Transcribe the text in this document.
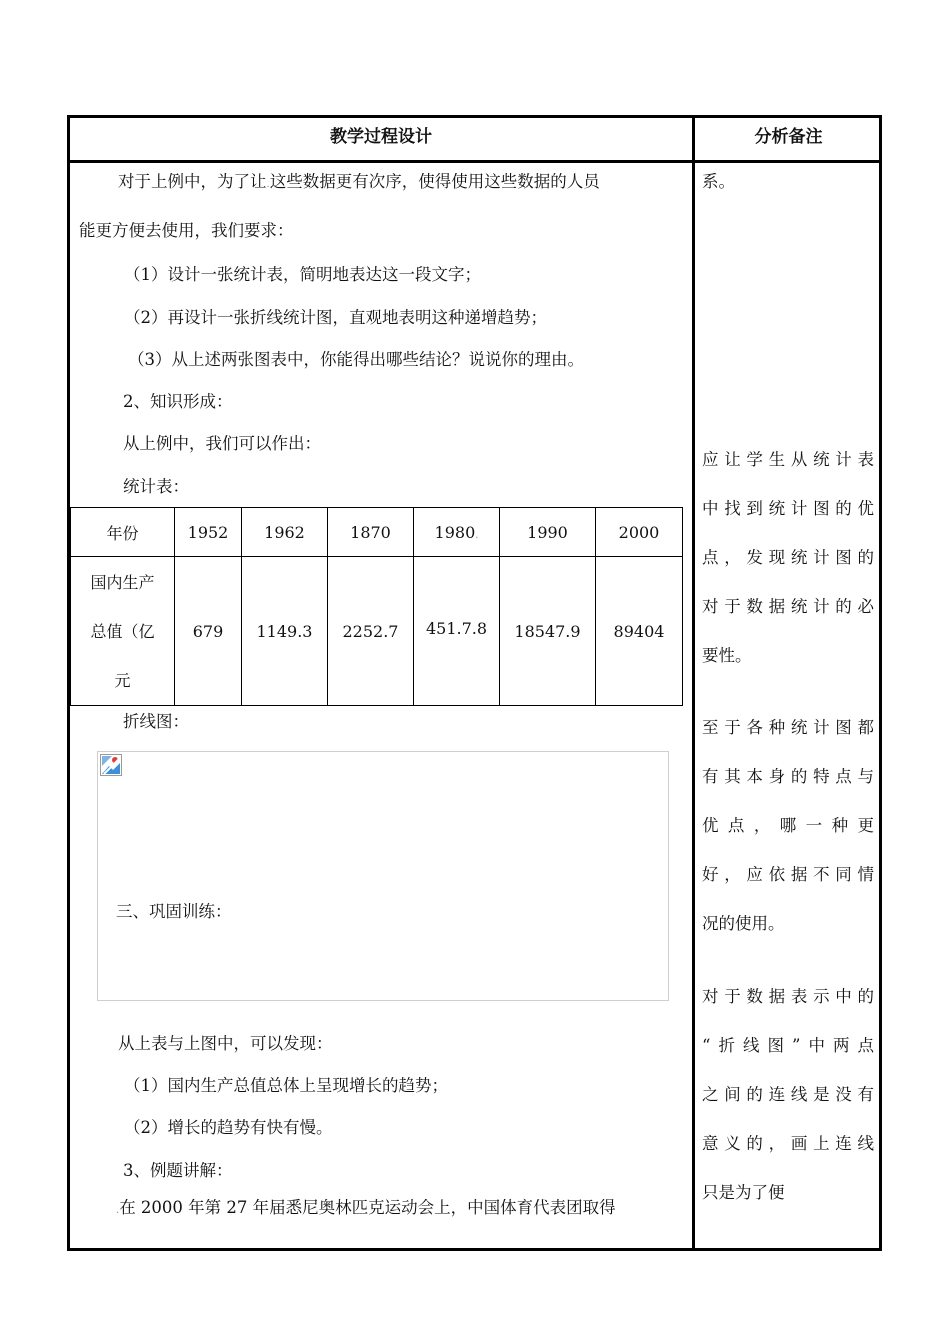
教学过程设计	分析备注
对于上例中，为了让.这些数据更有次序，使得使用这些数据的人员
能更方便去使用，我们要求：
（1）设计一张统计表，简明地表达这一段文字；
（2）再设计一张折线统计图，直观地表明这种递增趋势；
（3）从上述两张图表中，你能得出哪些结论？说说你的理由。
2、知识形成：
从上例中，我们可以作出：
统计表：
年份	1952	1962	1870	1980.	1990	2000

国内生产
总值（亿
元	679	1149.3	2252.7	451.7.8	18547.9	89404
折线图：
三、巩固训练：
从上表与上图中，可以发现：
（1）国内生产总值总体上呈现增长的趋势；
（2）增长的趋势有快有慢。
3、例题讲解：
.在 2000 年第 27 年届悉尼奥林匹克运动会上，中国体育代表团取得
系。
应让学生从统计表
中找到统计图的优
点，发现统计图的
对于数据统计的必
要性。
至于各种统计图都
有其本身的特点与
优 点 ， 哪 一 种 更
好，应依据不同情
况的使用。
对于数据表示中的
“折线图”中两点
之间的连线是没有
意义的，画上连线
只是为了便
